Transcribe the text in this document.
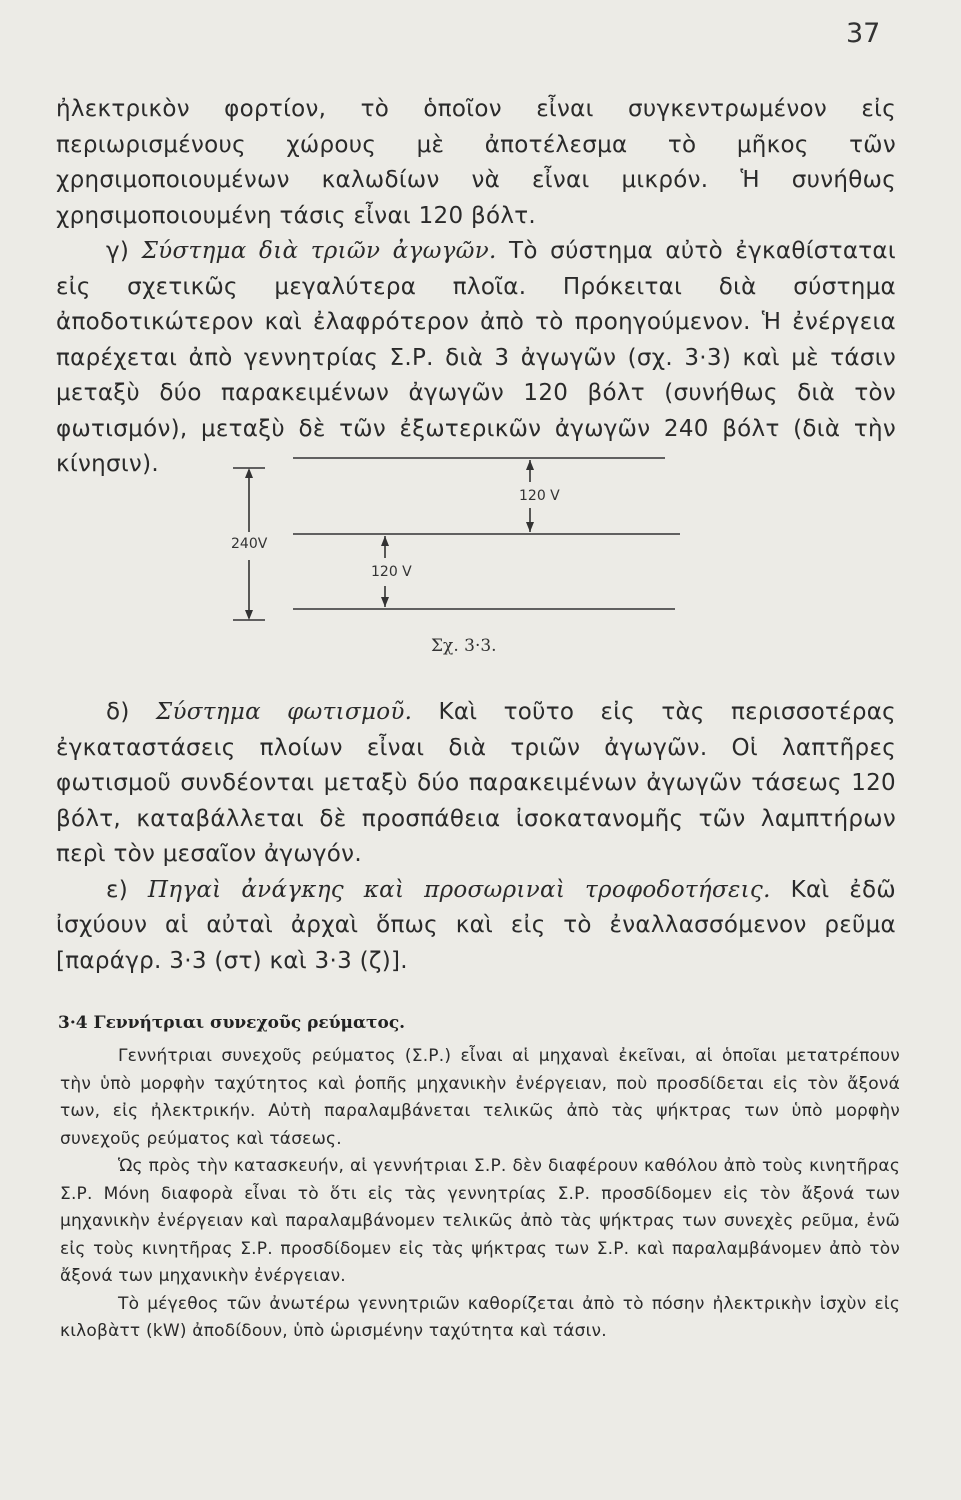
37

ἠλεκτρικὸν φορτίον, τὸ ὁποῖον εἶναι συγκεντρωμένον εἰς περιωρισμένους χώρους μὲ ἀποτέλεσμα τὸ μῆκος τῶν χρησιμοποιουμένων καλωδίων νὰ εἶναι μικρόν. Ἡ συνήθως χρησιμοποιουμένη τάσις εἶναι 120 βόλτ.

γ) Σύστημα διὰ τριῶν ἀγωγῶν. Τὸ σύστημα αὐτὸ ἐγκαθίσταται εἰς σχετικῶς μεγαλύτερα πλοῖα. Πρόκειται διὰ σύστημα ἀποδοτικώτερον καὶ ἐλαφρότερον ἀπὸ τὸ προηγούμενον. Ἡ ἐνέργεια παρέχεται ἀπὸ γεννητρίας Σ.Ρ. διὰ 3 ἀγωγῶν (σχ. 3·3) καὶ μὲ τάσιν μεταξὺ δύο παρακειμένων ἀγωγῶν 120 βόλτ (συνήθως διὰ τὸν φωτισμόν), μεταξὺ δὲ τῶν ἐξωτερικῶν ἀγωγῶν 240 βόλτ (διὰ τὴν κίνησιν).

240V
120 V
120 V
Σχ. 3·3.

δ) Σύστημα φωτισμοῦ. Καὶ τοῦτο εἰς τὰς περισσοτέρας ἐγκαταστάσεις πλοίων εἶναι διὰ τριῶν ἀγωγῶν. Οἱ λαπτῆρες φωτισμοῦ συνδέονται μεταξὺ δύο παρακειμένων ἀγωγῶν τάσεως 120 βόλτ, καταβάλλεται δὲ προσπάθεια ἰσοκατανομῆς τῶν λαμπτήρων περὶ τὸν μεσαῖον ἀγωγόν.

ε) Πηγαὶ ἀνάγκης καὶ προσωριναὶ τροφοδοτήσεις. Καὶ ἐδῶ ἰσχύουν αἱ αὐταὶ ἀρχαὶ ὅπως καὶ εἰς τὸ ἐναλλασσόμενον ρεῦμα [παράγρ. 3·3 (στ) καὶ 3·3 (ζ)].

3·4 Γεννήτριαι συνεχοῦς ρεύματος.

Γεννήτριαι συνεχοῦς ρεύματος (Σ.Ρ.) εἶναι αἱ μηχαναὶ ἐκεῖναι, αἱ ὁποῖαι μετατρέπουν τὴν ὑπὸ μορφὴν ταχύτητος καὶ ῥοπῆς μηχανικὴν ἐνέργειαν, ποὺ προσδίδεται εἰς τὸν ἄξονά των, εἰς ἠλεκτρικήν. Αὐτὴ παραλαμβάνεται τελικῶς ἀπὸ τὰς ψήκτρας των ὑπὸ μορφὴν συνεχοῦς ρεύματος καὶ τάσεως.

Ὡς πρὸς τὴν κατασκευήν, αἱ γεννήτριαι Σ.Ρ. δὲν διαφέρουν καθόλου ἀπὸ τοὺς κινητῆρας Σ.Ρ. Μόνη διαφορὰ εἶναι τὸ ὅτι εἰς τὰς γεννητρίας Σ.Ρ. προσδίδομεν εἰς τὸν ἄξονά των μηχανικὴν ἐνέργειαν καὶ παραλαμβάνομεν τελικῶς ἀπὸ τὰς ψήκτρας των συνεχὲς ρεῦμα, ἐνῶ εἰς τοὺς κινητῆρας Σ.Ρ. προσδίδομεν εἰς τὰς ψήκτρας των Σ.Ρ. καὶ παραλαμβάνομεν ἀπὸ τὸν ἄξονά των μηχανικὴν ἐνέργειαν.

Τὸ μέγεθος τῶν ἀνωτέρω γεννητριῶν καθορίζεται ἀπὸ τὸ πόσην ἠλεκτρικὴν ἰσχὺν εἰς κιλοβὰττ (kW) ἀποδίδουν, ὑπὸ ὡρισμένην ταχύτητα καὶ τάσιν.
